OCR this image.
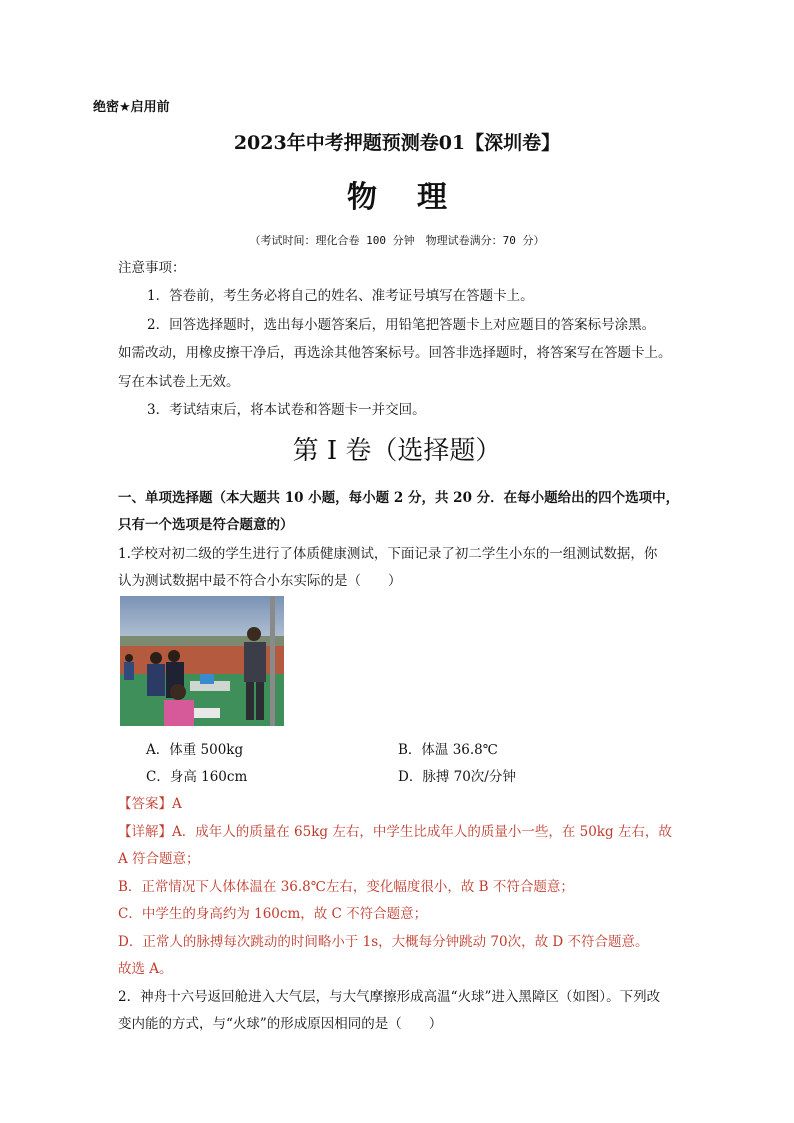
绝密★启用前
2023年中考押题预测卷01【深圳卷】
物理
（考试时间：理化合卷 100 分钟　物理试卷满分：70 分）
注意事项：
1．答卷前，考生务必将自己的姓名、准考证号填写在答题卡上。
2．回答选择题时，选出每小题答案后，用铅笔把答题卡上对应题目的答案标号涂黑。
如需改动，用橡皮擦干净后，再选涂其他答案标号。回答非选择题时，将答案写在答题卡上。
写在本试卷上无效。
3．考试结束后，将本试卷和答题卡一并交回。
第 I 卷（选择题）
一、单项选择题（本大题共 10 小题，每小题 2 分，共 20 分．在每小题给出的四个选项中，
只有一个选项是符合题意的）
1.学校对初二级的学生进行了体质健康测试，下面记录了初二学生小东的一组测试数据，你
认为测试数据中最不符合小东实际的是（　　）
A．体重 500kg	B．体温 36.8℃
C．身高 160cm	D．脉搏 70次/分钟
【答案】A
【详解】A．成年人的质量在 65kg 左右，中学生比成年人的质量小一些，在 50kg 左右，故
A 符合题意；
B．正常情况下人体体温在 36.8℃左右，变化幅度很小，故 B 不符合题意；
C．中学生的身高约为 160cm，故 C 不符合题意；
D．正常人的脉搏每次跳动的时间略小于 1s，大概每分钟跳动 70次，故 D 不符合题意。
故选 A。
2．神舟十六号返回舱进入大气层，与大气摩擦形成高温“火球”进入黑障区（如图）。下列改
变内能的方式，与“火球”的形成原因相同的是（　　）
